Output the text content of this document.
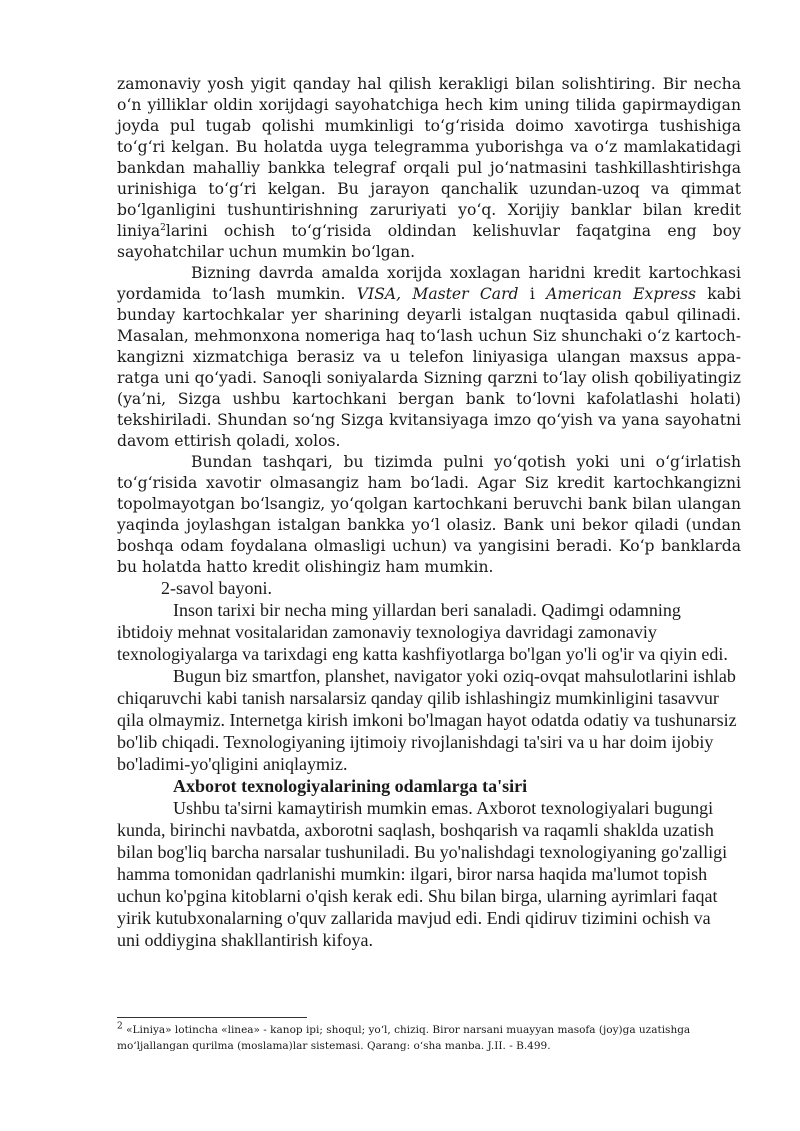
zamonaviy yosh yigit qanday hal qilish kerakligi bilan solishtiring. Bir necha o‘n yilliklar oldin xorijdagi sayohatchiga hech kim uning tilida gapirmaydigan joyda pul tugab qolishi mumkinligi to‘g‘risida doimo xavotirga tushishiga to‘g‘ri kelgan. Bu holatda uyga telegramma yuborishga va o‘z mamlakatidagi bankdan mahalliy bankka telegraf orqali pul jo‘natmasini tashkillashtirishga urinishiga to‘g‘ri kelgan. Bu jarayon qanchalik uzundan-uzoq va qimmat bo‘lganligini tushuntirishning zaruriyati yo‘q. Xorijiy banklar bilan kredit liniya$^2$larini ochish to‘g‘risida oldindan kelishuvlar faqatgina eng boy sayohatchilar uchun mumkin bo‘lgan.

Bizning davrda amalda xorijda xoxlagan haridni kredit kartochkasi yordamida to‘lash mumkin. VISA, Master Card i American Express kabi bunday kartochkalar yer sharining deyarli istalgan nuqtasida qabul qilinadi. Masalan, mehmonxona nomeriga haq to‘lash uchun Siz shunchaki o‘z kartoch-kangizni xizmatchiga berasiz va u telefon liniyasiga ulangan maxsus appa-ratga uni qo‘yadi. Sanoqli soniyalarda Sizning qarzni to‘lay olish qobiliyatingiz (ya’ni, Sizga ushbu kartochkani bergan bank to‘lovni kafolatlashi holati) tekshiriladi. Shundan so‘ng Sizga kvitansiyaga imzo qo‘yish va yana sayohatni davom ettirish qoladi, xolos.

Bundan tashqari, bu tizimda pulni yo‘qotish yoki uni o‘g‘irlatish to‘g‘risida xavotir olmasangiz ham bo‘ladi. Agar Siz kredit kartochkangizni topolmayotgan bo‘lsangiz, yo‘qolgan kartochkani beruvchi bank bilan ulangan yaqinda joylashgan istalgan bankka yo‘l olasiz. Bank uni bekor qiladi (undan boshqa odam foydalana olmasligi uchun) va yangisini beradi. Ko‘p banklarda bu holatda hatto kredit olishingiz ham mumkin.

2-savol bayoni.

Inson tarixi bir necha ming yillardan beri sanaladi. Qadimgi odamning ibtidoiy mehnat vositalaridan zamonaviy texnologiya davridagi zamonaviy texnologiyalarga va tarixdagi eng katta kashfiyotlarga bo'lgan yo'li og'ir va qiyin edi.

Bugun biz smartfon, planshet, navigator yoki oziq-ovqat mahsulotlarini ishlab chiqaruvchi kabi tanish narsalarsiz qanday qilib ishlashingiz mumkinligini tasavvur qila olmaymiz. Internetga kirish imkoni bo'lmagan hayot odatda odatiy va tushunarsiz bo'lib chiqadi. Texnologiyaning ijtimoiy rivojlanishdagi ta'siri va u har doim ijobiy bo'ladimi-yo'qligini aniqlaymiz.

Axborot texnologiyalarining odamlarga ta'siri

Ushbu ta'sirni kamaytirish mumkin emas. Axborot texnologiyalari bugungi kunda, birinchi navbatda, axborotni saqlash, boshqarish va raqamli shaklda uzatish bilan bog'liq barcha narsalar tushuniladi. Bu yo'nalishdagi texnologiyaning go'zalligi hamma tomonidan qadrlanishi mumkin: ilgari, biror narsa haqida ma'lumot topish uchun ko'pgina kitoblarni o'qish kerak edi. Shu bilan birga, ularning ayrimlari faqat yirik kutubxonalarning o'quv zallarida mavjud edi. Endi qidiruv tizimini ochish va uni oddiygina shakllantirish kifoya.

$^2$ «Liniya» lotincha «linea» - kanop ipi; shoqul; yo‘l, chiziq. Biror narsani muayyan masofa (joy)ga uzatishga mo‘ljallangan qurilma (moslama)lar sistemasi. Qarang: o‘sha manba. J.II. - B.499.
